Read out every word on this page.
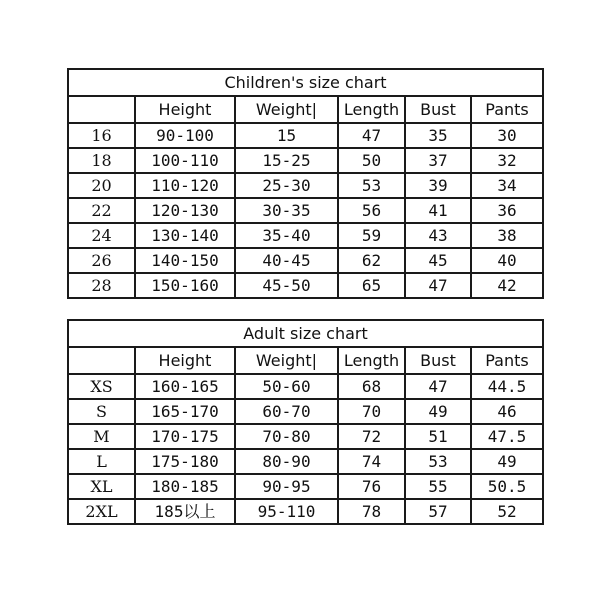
Children's size chart					
	Height	Weight|	Length	Bust	Pants
16	90-100	15	47	35	30
18	100-110	15-25	50	37	32
20	110-120	25-30	53	39	34
22	120-130	30-35	56	41	36
24	130-140	35-40	59	43	38
26	140-150	40-45	62	45	40
28	150-160	45-50	65	47	42
Adult size chart					
	Height	Weight|	Length	Bust	Pants
XS	160-165	50-60	68	47	44.5
S	165-170	60-70	70	49	46
M	170-175	70-80	72	51	47.5
L	175-180	80-90	74	53	49
XL	180-185	90-95	76	55	50.5
2XL	185以上	95-110	78	57	52
